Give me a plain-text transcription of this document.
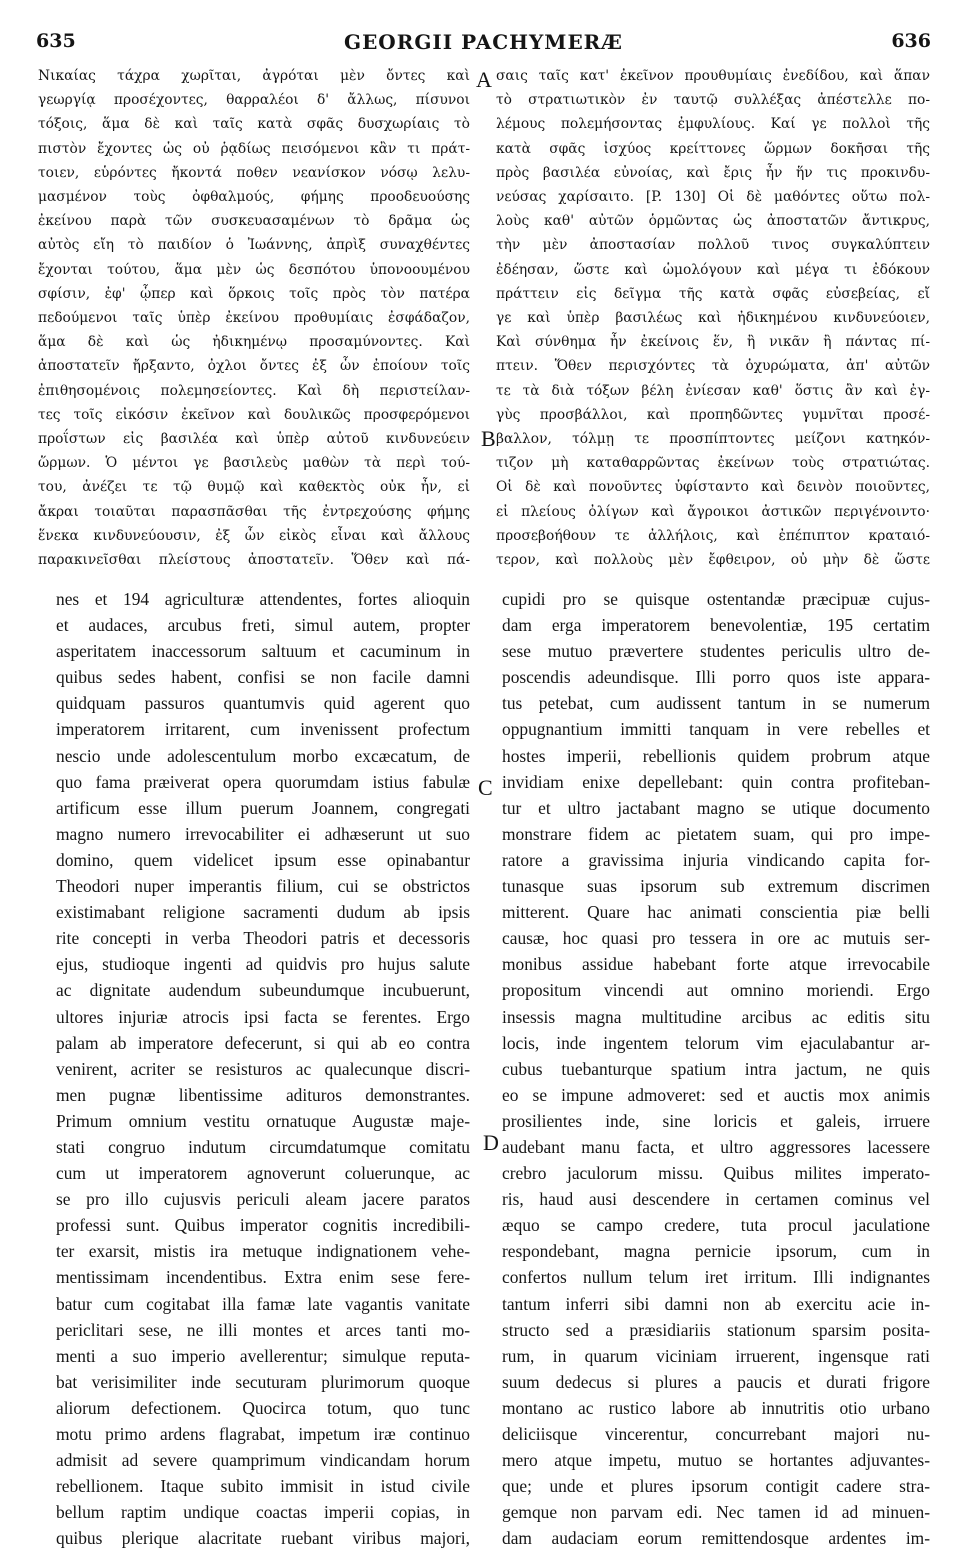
635	GEORGII PACHYMERÆ	636

Νικαίας τάχρα χωρῖται, ἀγρόται μὲν ὄντες καὶ

γεωργίᾳ προσέχοντες, θαρραλέοι δ' ἄλλως, πίσυνοι

τόξοις, ἅμα δὲ καὶ ταῖς κατὰ σφᾶς δυσχωρίαις τὸ

πιστὸν ἔχοντες ὡς οὐ ῥᾳδίως πεισόμενοι κἂν τι πράτ-

τοιεν, εὑρόντες ἤκοντά ποθεν νεανίσκον νόσῳ λελυ-

μασμένον τοὺς ὀφθαλμούς, φήμης προοδευούσης

ἐκείνου παρὰ τῶν συσκευασαμένων τὸ δρᾶμα ὡς

αὐτὸς εἴη τὸ παιδίον ὁ Ἰωάννης, ἀπρὶξ συναχθέντες

ἔχονται τούτου, ἅμα μὲν ὡς δεσπότου ὑπονοουμένου

σφίσιν, ἐφ' ᾧπερ καὶ ὅρκοις τοῖς πρὸς τὸν πατέρα

πεδούμενοι ταῖς ὑπὲρ ἐκείνου προθυμίαις ἐσφάδαζον,

ἅμα δὲ καὶ ὡς ἠδικημένῳ προσαμύνοντες. Καὶ

ἀποστατεῖν ἤρξαντο, ὀχλοι ὄντες ἐξ ὧν ἐποίουν τοῖς

ἐπιθησομένοις πολεμησείοντες. Καὶ δὴ περιστείλαν-

τες τοῖς εἰκόσιν ἐκεῖνον καὶ δουλικῶς προσφερόμενοι

προΐστων εἰς βασιλέα καὶ ὑπὲρ αὐτοῦ κινδυνεύειν

ὥρμων. Ὁ μέντοι γε βασιλεὺς μαθὼν τὰ περὶ τού-

του, ἀνέζει τε τῷ θυμῷ καὶ καθεκτὸς οὐκ ἦν, εἰ

ἄκραι τοιαῦται παρασπᾶσθαι τῆς ἐντρεχούσης φήμης

ἕνεκα κινδυνεύουσιν, ἐξ ὧν εἰκὸς εἶναι καὶ ἄλλους

παρακινεῖσθαι πλείστους ἀποστατεῖν. Ὅθεν καὶ πά-

σαις ταῖς κατ' ἐκεῖνον προυθυμίαις ἐνεδίδου, καὶ ἅπαν

τὸ στρατιωτικὸν ἐν ταυτῷ συλλέξας ἀπέστελλε πο-

λέμους πολεμήσοντας ἐμφυλίους. Καί γε πολλοὶ τῆς

κατὰ σφᾶς ἰσχύος κρείττονες ὥρμων δοκῆσαι τῆς

πρὸς βασιλέα εὐνοίας, καὶ ἔρις ἦν ἥν τις προκινδυ-

νεύσας χαρίσαιτο. [P. 130] Οἱ δὲ μαθόντες οὕτω πολ-

λοὺς καθ' αὐτῶν ὁρμῶντας ὡς ἀποστατῶν ἄντικρυς,

τὴν μὲν ἀποστασίαν πολλοῦ τινος συγκαλύπτειν

ἐδέησαν, ὥστε καὶ ὡμολόγουν καὶ μέγα τι ἐδόκουν

πράττειν εἰς δεῖγμα τῆς κατὰ σφᾶς εὐσεβείας, εἴ

γε καὶ ὑπὲρ βασιλέως καὶ ἠδικημένου κινδυνεύοιεν,

Καὶ σύνθημα ἦν ἐκείνοις ἕν, ἢ νικᾶν ἢ πάντας πί-

πτειν. Ὅθεν περισχόντες τὰ ὀχυρώματα, ἀπ' αὐτῶν

τε τὰ διὰ τόξων βέλη ἐνίεσαν καθ' ὅστις ἂν καὶ ἐγ-

γὺς προσβάλλοι, καὶ προπηδῶντες γυμνῖται προσέ-

βαλλον, τόλμῃ τε προσπίπτοντες μείζονι κατηκόν-

τιζον μὴ καταθαρρῶντας ἐκείνων τοὺς στρατιώτας.

Οἱ δὲ καὶ πονοῦντες ὑφίσταντο καὶ δεινὸν ποιοῦντες,

εἰ πλείους ὀλίγων καὶ ἄγροικοι ἀστικῶν περιγένοιντο·

προσεβοήθουν τε ἀλλήλοις, καὶ ἐπέπιπτον κραταιό-

τερον, καὶ πολλοὺς μὲν ἔφθειρον, οὐ μὴν δὲ ὥστε

A
B
C
D

nes et 194 agriculturæ attendentes, fortes alioquin

et audaces, arcubus freti, simul autem, propter

asperitatem inaccessorum saltuum et cacuminum in

quibus sedes habent, confisi se non facile damni

quidquam passuros quantumvis quid agerent quo

imperatorem irritarent, cum invenissent profectum

nescio unde adolescentulum morbo excæcatum, de

quo fama præiverat opera quorumdam istius fabulæ

artificum esse illum puerum Joannem, congregati

magno numero irrevocabiliter ei adhæserunt ut suo

domino, quem videlicet ipsum esse opinabantur

Theodori nuper imperantis filium, cui se obstrictos

existimabant religione sacramenti dudum ab ipsis

rite concepti in verba Theodori patris et decessoris

ejus, studioque ingenti ad quidvis pro hujus salute

ac dignitate audendum subeundumque incubuerunt,

ultores injuriæ atrocis ipsi facta se ferentes. Ergo

palam ab imperatore defecerunt, si qui ab eo contra

venirent, acriter se resisturos ac qualecunque discri-

men pugnæ libentissime adituros demonstrantes.

Primum omnium vestitu ornatuque Augustæ maje-

stati congruo indutum circumdatumque comitatu

cum ut imperatorem agnoverunt coluerunque, ac

se pro illo cujusvis periculi aleam jacere paratos

professi sunt. Quibus imperator cognitis incredibili-

ter exarsit, mistis ira metuque indignationem vehe-

mentissimam incendentibus. Extra enim sese fere-

batur cum cogitabat illa famæ late vagantis vanitate

periclitari sese, ne illi montes et arces tanti mo-

menti a suo imperio avellerentur; simulque reputa-

bat verisimiliter inde secuturam plurimorum quoque

aliorum defectionem. Quocirca totum, quo tunc

motu primo ardens flagrabat, impetum iræ continuo

admisit ad severe quamprimum vindicandam horum

rebellionem. Itaque subito immisit in istud civile

bellum raptim undique coactas imperii copias, in

quibus plerique alacritate ruebant viribus majori,

cupidi pro se quisque ostentandæ præcipuæ cujus-

dam erga imperatorem benevolentiæ, 195 certatim

sese mutuo prævertere studentes periculis ultro de-

poscendis adeundisque. Illi porro quos iste appara-

tus petebat, cum audissent tantum in se numerum

oppugnantium immitti tanquam in vere rebelles et

hostes imperii, rebellionis quidem probrum atque

invidiam enixe depellebant: quin contra profiteban-

tur et ultro jactabant magno se utique documento

monstrare fidem ac pietatem suam, qui pro impe-

ratore a gravissima injuria vindicando capita for-

tunasque suas ipsorum sub extremum discrimen

mitterent. Quare hac animati conscientia piæ belli

causæ, hoc quasi pro tessera in ore ac mutuis ser-

monibus assidue habebant forte atque irrevocabile

propositum vincendi aut omnino moriendi. Ergo

insessis magna multitudine arcibus ac editis situ

locis, inde ingentem telorum vim ejaculabantur ar-

cubus tuebanturque spatium intra jactum, ne quis

eo se impune admoveret: sed et auctis mox animis

prosilientes inde, sine loricis et galeis, irruere

audebant manu facta, et ultro aggressores lacessere

crebro jaculorum missu. Quibus milites imperato-

ris, haud ausi descendere in certamen cominus vel

æquo se campo credere, tuta procul jaculatione

respondebant, magna pernicie ipsorum, cum in

confertos nullum telum iret irritum. Illi indignantes

tantum inferri sibi damni non ab exercitu acie in-

structo sed a præsidiariis stationum sparsim posita-

rum, in quarum viciniam irruerent, ingensque rati

suum dedecus si plures a paucis et durati frigore

montano ac rustico labore ab innutritis otio urbano

deliciisque vincerentur, concurrebant majori nu-

mero atque impetu, mutuo se hortantes adjuvantes-

que; unde et plures ipsorum contigit cadere stra-

gemque non parvam edi. Nec tamen id ad minuen-

dam audaciam eorum remittendosque ardentes im-
